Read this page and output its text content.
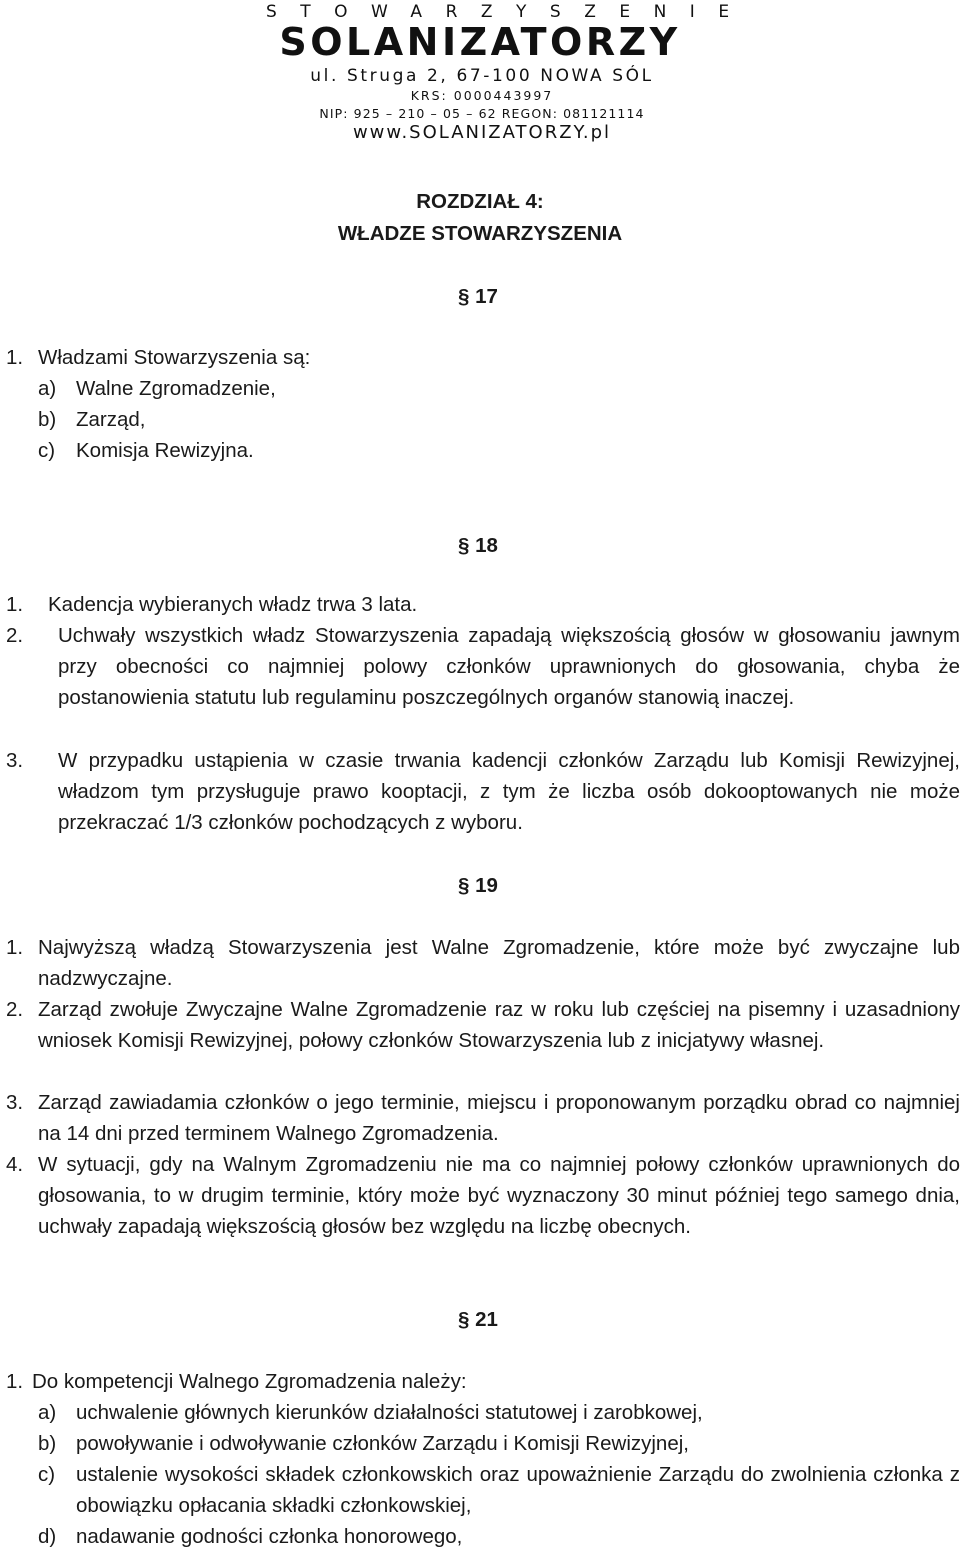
STOWARZYSZENIE
SOLANIZATORZY
ul. Struga 2, 67-100 NOWA SÓL
KRS: 0000443997
NIP: 925 – 210 – 05 – 62 REGON: 081121114
www.SOLANIZATORZY.pl
ROZDZIAŁ 4:
WŁADZE STOWARZYSZENIA
§ 17
1. Władzami Stowarzyszenia są:
a) Walne Zgromadzenie,
b) Zarząd,
c) Komisja Rewizyjna.
§ 18
1. Kadencja wybieranych władz trwa 3 lata.
2. Uchwały wszystkich władz Stowarzyszenia zapadają większością głosów w głosowaniu jawnym przy obecności co najmniej polowy członków uprawnionych do głosowania, chyba że postanowienia statutu lub regulaminu poszczególnych organów stanowią inaczej.
3. W przypadku ustąpienia w czasie trwania kadencji członków Zarządu lub Komisji Rewizyjnej, władzom tym przysługuje prawo kooptacji, z tym że liczba osób dokooptowanych nie może przekraczać 1/3 członków pochodzących z wyboru.
§ 19
1. Najwyższą władzą Stowarzyszenia jest Walne Zgromadzenie, które może być zwyczajne lub nadzwyczajne.
2. Zarząd zwołuje Zwyczajne Walne Zgromadzenie raz w roku lub częściej na pisemny i uzasadniony wniosek Komisji Rewizyjnej, połowy członków Stowarzyszenia lub z inicjatywy własnej.
3. Zarząd zawiadamia członków o jego terminie, miejscu i proponowanym porządku obrad co najmniej na 14 dni przed terminem Walnego Zgromadzenia.
4. W sytuacji, gdy na Walnym Zgromadzeniu nie ma co najmniej połowy członków uprawnionych do głosowania, to w drugim terminie, który może być wyznaczony 30 minut później tego samego dnia, uchwały zapadają większością głosów bez względu na liczbę obecnych.
§ 21
1. Do kompetencji Walnego Zgromadzenia należy:
a) uchwalenie głównych kierunków działalności statutowej i zarobkowej,
b) powoływanie i odwoływanie członków Zarządu i Komisji Rewizyjnej,
c) ustalenie wysokości składek członkowskich oraz upoważnienie Zarządu do zwolnienia członka z obowiązku opłacania składki członkowskiej,
d) nadawanie godności członka honorowego,
